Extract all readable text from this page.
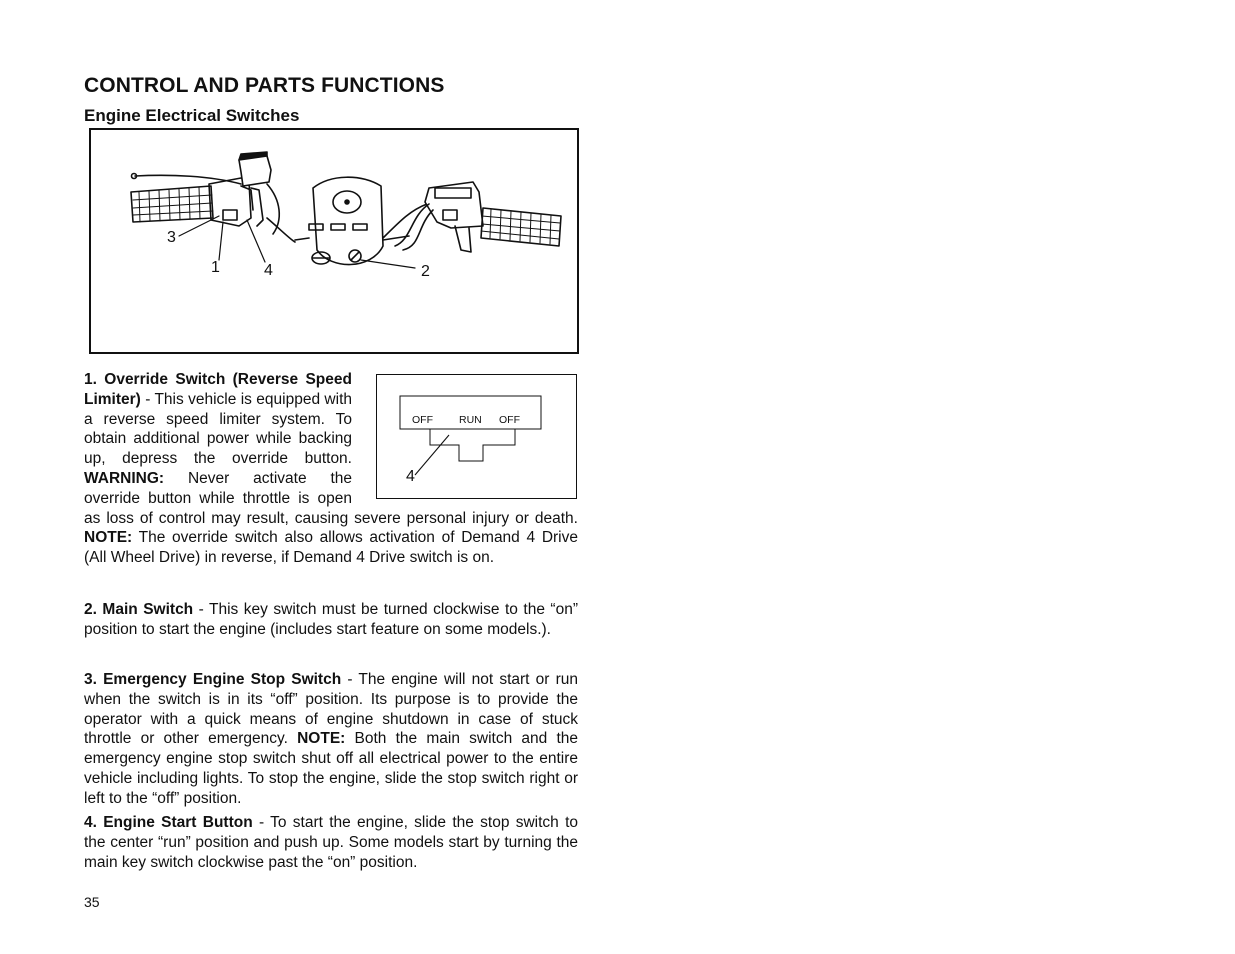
CONTROL AND PARTS FUNCTIONS
Engine Electrical Switches
3
1	4	2
OFF RUN OFF
4

1. Override Switch (Reverse Speed Limiter) - This vehicle is equipped with a reverse speed limiter system. To obtain additional power while backing up, depress the override button. WARNING: Never activate the override button while throttle is open as loss of control may result, causing severe personal injury or death. NOTE: The override switch also allows activation of Demand 4 Drive (All Wheel Drive) in reverse, if Demand 4 Drive switch is on.

2. Main Switch - This key switch must be turned clockwise to the “on” position to start the engine (includes start feature on some models.).

3. Emergency Engine Stop Switch - The engine will not start or run when the switch is in its “off” position. Its purpose is to provide the operator with a quick means of engine shutdown in case of stuck throttle or other emergency. NOTE: Both the main switch and the emergency engine stop switch shut off all electrical power to the entire vehicle including lights. To stop the engine, slide the stop switch right or left to the “off” position.

4. Engine Start Button - To start the engine, slide the stop switch to the center “run” position and push up. Some models start by turning the main key switch clockwise past the “on” position.

35
